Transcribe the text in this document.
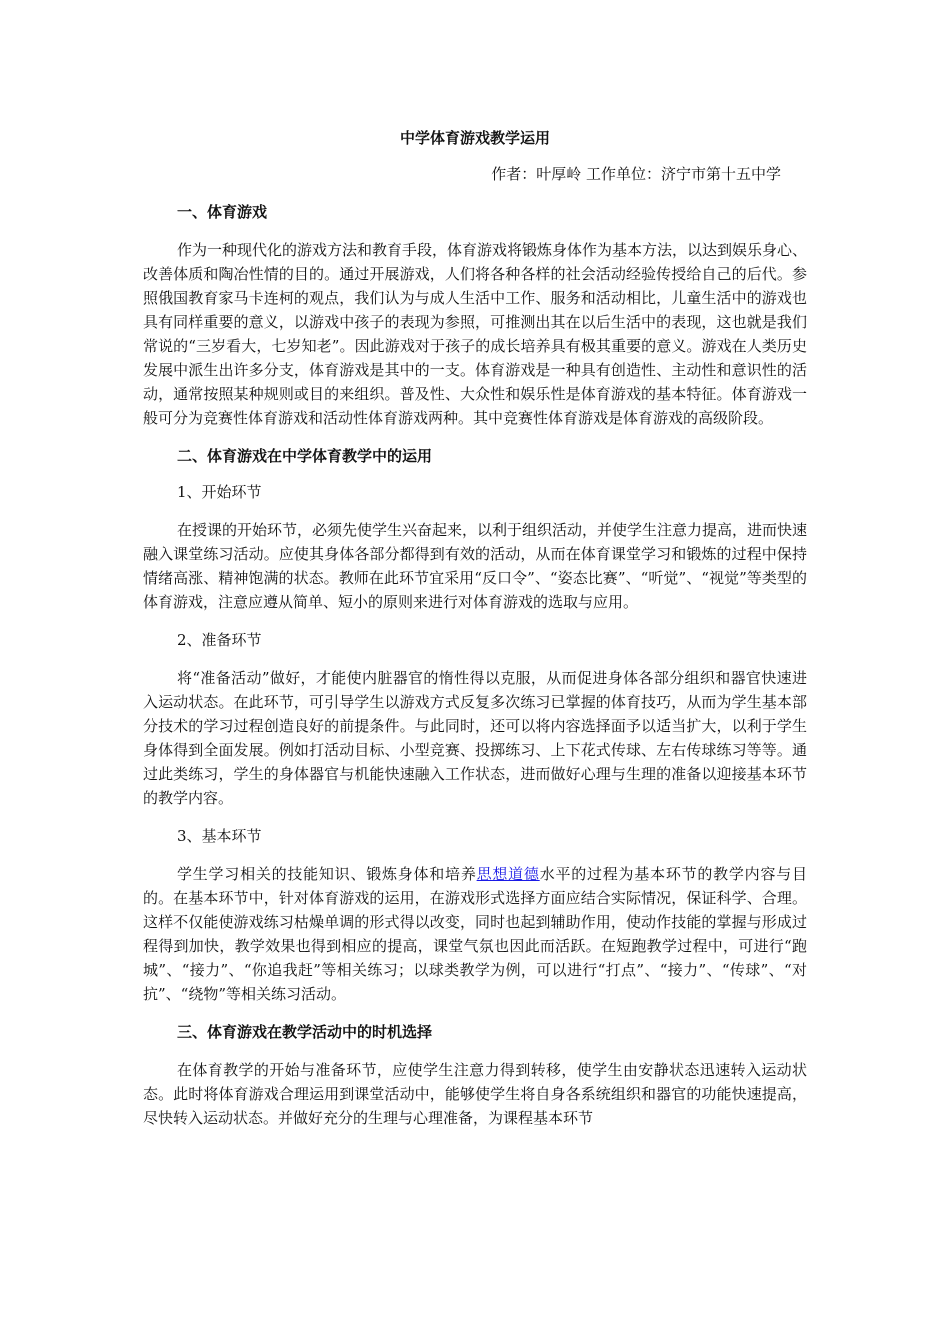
中学体育游戏教学运用
作者：叶厚岭 工作单位：济宁市第十五中学
一、体育游戏

作为一种现代化的游戏方法和教育手段，体育游戏将锻炼身体作为基本方法，以达到娱乐身心、改善体质和陶冶性情的目的。通过开展游戏，人们将各种各样的社会活动经验传授给自己的后代。参照俄国教育家马卡连柯的观点，我们认为与成人生活中工作、服务和活动相比，儿童生活中的游戏也具有同样重要的意义，以游戏中孩子的表现为参照，可推测出其在以后生活中的表现，这也就是我们常说的“三岁看大，七岁知老”。因此游戏对于孩子的成长培养具有极其重要的意义。游戏在人类历史发展中派生出许多分支，体育游戏是其中的一支。体育游戏是一种具有创造性、主动性和意识性的活动，通常按照某种规则或目的来组织。普及性、大众性和娱乐性是体育游戏的基本特征。体育游戏一般可分为竞赛性体育游戏和活动性体育游戏两种。其中竞赛性体育游戏是体育游戏的高级阶段。

二、体育游戏在中学体育教学中的运用
1、开始环节

在授课的开始环节，必须先使学生兴奋起来，以利于组织活动，并使学生注意力提高，进而快速融入课堂练习活动。应使其身体各部分都得到有效的活动，从而在体育课堂学习和锻炼的过程中保持情绪高涨、精神饱满的状态。教师在此环节宜采用“反口令”、“姿态比赛”、“听觉”、“视觉”等类型的体育游戏，注意应遵从简单、短小的原则来进行对体育游戏的选取与应用。

2、准备环节

将“准备活动”做好，才能使内脏器官的惰性得以克服，从而促进身体各部分组织和器官快速进入运动状态。在此环节，可引导学生以游戏方式反复多次练习已掌握的体育技巧，从而为学生基本部分技术的学习过程创造良好的前提条件。与此同时，还可以将内容选择面予以适当扩大，以利于学生身体得到全面发展。例如打活动目标、小型竞赛、投掷练习、上下花式传球、左右传球练习等等。通过此类练习，学生的身体器官与机能快速融入工作状态，进而做好心理与生理的准备以迎接基本环节的教学内容。

3、基本环节

学生学习相关的技能知识、锻炼身体和培养思想道德水平的过程为基本环节的教学内容与目的。在基本环节中，针对体育游戏的运用，在游戏形式选择方面应结合实际情况，保证科学、合理。这样不仅能使游戏练习枯燥单调的形式得以改变，同时也起到辅助作用，使动作技能的掌握与形成过程得到加快，教学效果也得到相应的提高，课堂气氛也因此而活跃。在短跑教学过程中，可进行“跑城”、“接力”、“你追我赶”等相关练习；以球类教学为例，可以进行“打点”、“接力”、“传球”、“对抗”、“绕物”等相关练习活动。

三、体育游戏在教学活动中的时机选择

在体育教学的开始与准备环节，应使学生注意力得到转移，使学生由安静状态迅速转入运动状态。此时将体育游戏合理运用到课堂活动中，能够使学生将自身各系统组织和器官的功能快速提高，尽快转入运动状态。并做好充分的生理与心理准备，为课程基本环节
